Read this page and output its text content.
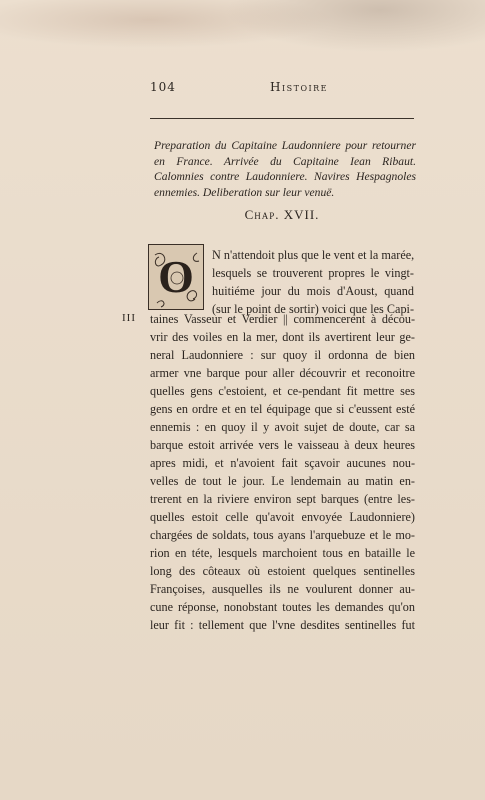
104	Histoire
Preparation du Capitaine Laudonniere pour retourner en France. Arrivée du Capitaine Iean Ribaut. Calomnies contre Laudonniere. Navires Hespagnoles ennemies. Deliberation sur leur venuë.
Chap. XVII.
O
III
N n'attendoit plus que le vent et la marée,
lesquels se trouverent propres le vingt-
huitiéme jour du mois d'Aoust, quand
(sur le point de sortir) voici que les Capi-
taines Vasseur et Verdier || commencerent à décou-
vrir des voiles en la mer, dont ils avertirent leur ge-
neral Laudonniere : sur quoy il ordonna de bien
armer vne barque pour aller découvrir et reconoitre
quelles gens c'estoient, et ce-pendant fit mettre ses
gens en ordre et en tel équipage que si c'eussent esté
ennemis : en quoy il y avoit sujet de doute, car sa
barque estoit arrivée vers le vaisseau à deux heures
apres midi, et n'avoient fait sçavoir aucunes nou-
velles de tout le jour. Le lendemain au matin en-
trerent en la riviere environ sept barques (entre les-
quelles estoit celle qu'avoit envoyée Laudonniere)
chargées de soldats, tous ayans l'arquebuze et le mo-
rion en téte, lesquels marchoient tous en bataille le
long des côteaux où estoient quelques sentinelles
Françoises, ausquelles ils ne voulurent donner au-
cune réponse, nonobstant toutes les demandes qu'on
leur fit : tellement que l'vne desdites sentinelles fut
